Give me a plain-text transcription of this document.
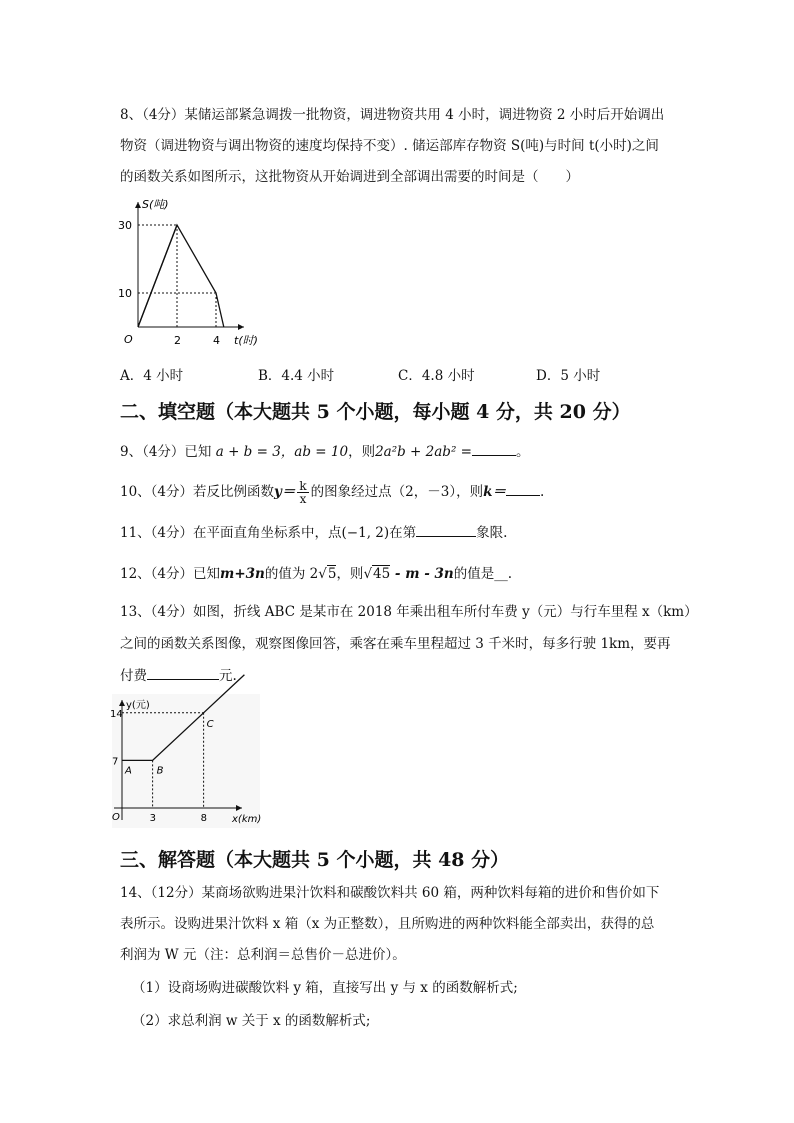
8、（4分）某储运部紧急调拨一批物资，调进物资共用 4 小时，调进物资 2 小时后开始调出
物资（调进物资与调出物资的速度均保持不变）. 储运部库存物资 S(吨)与时间 t(小时)之间
的函数关系如图所示，这批物资从开始调进到全部调出需要的时间是（　　）
S(吨)
t(时)
O
10
30
2	4
A．4 小时	B．4.4 小时	C．4.8 小时	D．5 小时
二、填空题（本大题共 5 个小题，每小题 4 分，共 20 分）
9、（4分）已知 a + b = 3，ab = 10，则2a²b + 2ab² =	。
10、（4分）若反比例函数$y= \frac{k}{x}$ 的图象经过点（2，－3），则k＝	.
11、（4分）在平面直角坐标系中，点(−1, 2)在第	象限.
12、（4分）已知m+3n的值为 2√5，则√45 - m - 3n的值是__.
13、（4分）如图，折线 ABC 是某市在 2018 年乘出租车所付车费 y（元）与行车里程 x（km）
之间的函数关系图像，观察图像回答，乘客在乘车里程超过 3 千米时，每多行驶 1km，要再
付费	元.
y(元)
x(km)
O
7
14
3	8
A B
C
三、解答题（本大题共 5 个小题，共 48 分）
14、（12分）某商场欲购进果汁饮料和碳酸饮料共 60 箱，两种饮料每箱的进价和售价如下
表所示。设购进果汁饮料 x 箱（x 为正整数），且所购进的两种饮料能全部卖出，获得的总
利润为 W 元（注：总利润＝总售价－总进价）。
（1）设商场购进碳酸饮料 y 箱，直接写出 y 与 x 的函数解析式;
（2）求总利润 w 关于 x 的函数解析式;
